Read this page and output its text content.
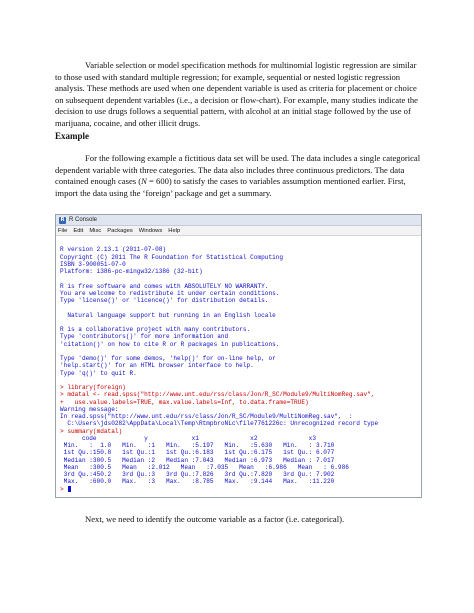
Variable selection or model specification methods for multinomial logistic regression are similar to those used with standard multiple regression; for example, sequential or nested logistic regression analysis. These methods are used when one dependent variable is used as criteria for placement or choice on subsequent dependent variables (i.e., a decision or flow-chart). For example, many studies indicate the decision to use drugs follows a sequential pattern, with alcohol at an initial stage followed by the use of marijuana, cocaine, and other illicit drugs.

Example

For the following example a fictitious data set will be used. The data includes a single categorical dependent variable with three categories. The data also includes three continuous predictors. The data contained enough cases (N = 600) to satisfy the cases to variables assumption mentioned earlier. First, import the data using the ‘foreign’ package and get a summary.

R R Console
File Edit Misc Packages Windows Help
R version 2.13.1 (2011-07-08)
Copyright (C) 2011 The R Foundation for Statistical Computing
ISBN 3-900051-07-0
Platform: i386-pc-mingw32/i386 (32-bit)
R is free software and comes with ABSOLUTELY NO WARRANTY.
You are welcome to redistribute it under certain conditions.
Type 'license()' or 'licence()' for distribution details.
Natural language support but running in an English locale
R is a collaborative project with many contributors.
Type 'contributors()' for more information and
'citation()' on how to cite R or R packages in publications.
Type 'demo()' for some demos, 'help()' for on-line help, or
'help.start()' for an HTML browser interface to help.
Type 'q()' to quit R.
> library(foreign)
> mdatal <- read.spss("http://www.unt.edu/rss/class/Jon/R_SC/Module9/MultiNomReg.sav",
+   use.value.labels=TRUE, max.value.labels=Inf, to.data.frame=TRUE)
Warning message:
In read.spss("http://www.unt.edu/rss/class/Jon/R_SC/Module9/MultiNomReg.sav",  :
C:\Users\jds0282\AppData\Local\Temp\RtmpbroNLc\file7761226c: Unrecognized record type
> summary(mdatal)
code             y            x1              x2              x3
Min.   :  1.0   Min.   :1   Min.   :5.197   Min.   :5.630   Min.   : 3.710
1st Qu.:150.8   1st Qu.:1   1st Qu.:6.183   1st Qu.:6.175   1st Qu.: 6.077
Median :300.5   Median :2   Median :7.043   Median :6.973   Median : 7.017
Mean   :300.5   Mean   :2.012   Mean   :7.035   Mean   :6.986   Mean   : 6.986
3rd Qu.:450.2   3rd Qu.:3   3rd Qu.:7.826   3rd Qu.:7.820   3rd Qu.: 7.902
Max.   :600.0   Max.   :3   Max.   :8.785   Max.   :9.144   Max.   :11.220
>

Next, we need to identify the outcome variable as a factor (i.e. categorical).
